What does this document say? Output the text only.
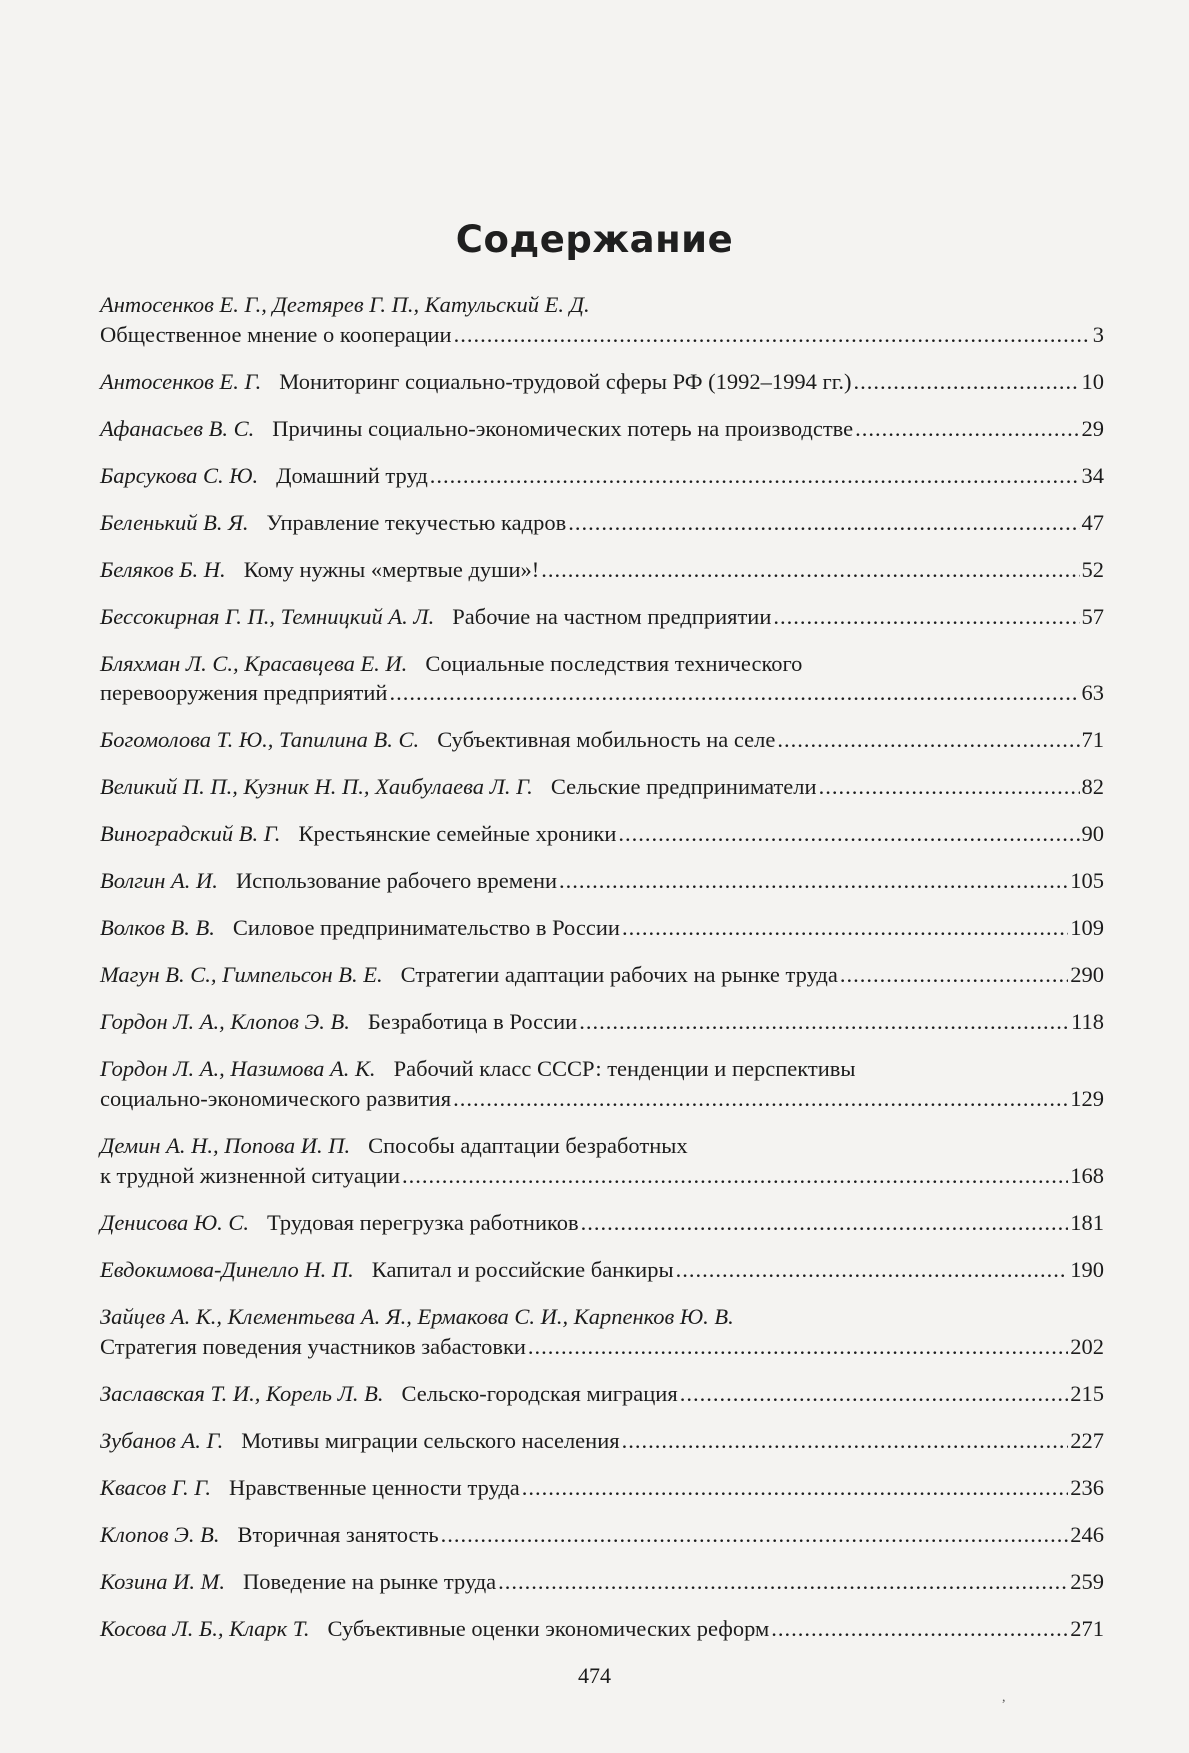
Содержание
Антосенков Е. Г., Дегтярев Г. П., Катульский Е. Д.
Общественное мнение о кооперации .....	3
Антосенков Е. Г. Мониторинг социально-трудовой сферы РФ (1992–1994 гг.) .....	10
Афанасьев В. С. Причины социально-экономических потерь на производстве .....	29
Барсукова С. Ю. Домашний труд .....	34
Беленький В. Я. Управление текучестью кадров .....	47
Беляков Б. Н. Кому нужны «мертвые души»! .....	52
Бессокирная Г. П., Темницкий А. Л. Рабочие на частном предприятии .....	57
Бляхман Л. С., Красавцева Е. И. Социальные последствия технического
перевооружения предприятий .....	63
Богомолова Т. Ю., Тапилина В. С. Субъективная мобильность на селе .....	71
Великий П. П., Кузник Н. П., Хаибулаева Л. Г. Сельские предприниматели .....	82
Виноградский В. Г. Крестьянские семейные хроники .....	90
Волгин А. И. Использование рабочего времени .....	105
Волков В. В. Силовое предпринимательство в России .....	109
Магун В. С., Гимпельсон В. Е. Стратегии адаптации рабочих на рынке труда .....	290
Гордон Л. А., Клопов Э. В. Безработица в России .....	118
Гордон Л. А., Назимова А. К. Рабочий класс СССР: тенденции и перспективы
социально-экономического развития .....	129
Демин А. Н., Попова И. П. Способы адаптации безработных
к трудной жизненной ситуации .....	168
Денисова Ю. С. Трудовая перегрузка работников .....	181
Евдокимова-Динелло Н. П. Капитал и российские банкиры .....	190
Зайцев А. К., Клементьева А. Я., Ермакова С. И., Карпенков Ю. В.
Стратегия поведения участников забастовки .....	202
Заславская Т. И., Корель Л. В. Сельско-городская миграция .....	215
Зубанов А. Г. Мотивы миграции сельского населения .....	227
Квасов Г. Г. Нравственные ценности труда .....	236
Клопов Э. В. Вторичная занятость .....	246
Козина И. М. Поведение на рынке труда .....	259
Косова Л. Б., Кларк Т. Субъективные оценки экономических реформ .....	271
474
,
